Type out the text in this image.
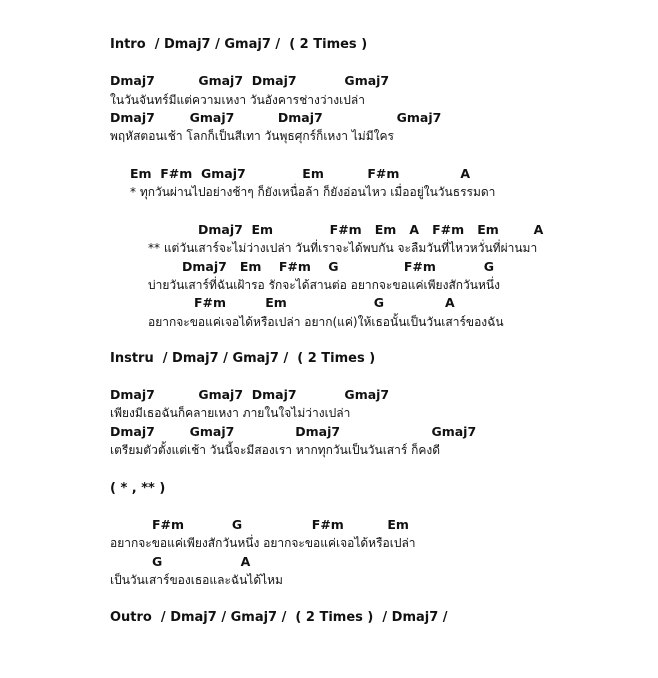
Intro  / Dmaj7 / Gmaj7 /  ( 2 Times )
Dmaj7          Gmaj7  Dmaj7           Gmaj7
ในวันจันทร์มีแต่ความเหงา วันอังคารช่างว่างเปล่า
Dmaj7        Gmaj7          Dmaj7                 Gmaj7
พฤหัสตอนเช้า โลกก็เป็นสีเทา วันพุธศุกร์ก็เหงา ไม่มีใคร
Em  F#m  Gmaj7             Em          F#m              A
* ทุกวันผ่านไปอย่างช้าๆ ก็ยังเหนื่อล้า ก็ยังอ่อนไหว เมื่ออยู่ในวันธรรมดา
Dmaj7  Em             F#m   Em   A   F#m   Em        A
** แต่วันเสาร์จะไม่ว่างเปล่า วันที่เราจะได้พบกัน จะลืมวันที่ไหวหวั่นที่ผ่านมา
Dmaj7   Em    F#m    G               F#m           G
บ่ายวันเสาร์ที่ฉันเฝ้ารอ รักจะได้สานต่อ อยากจะขอแค่เพียงสักวันหนึ่ง
F#m         Em                    G              A
อยากจะขอแค่เจอได้หรือเปล่า อยาก(แค่)ให้เธอนั้นเป็นวันเสาร์ของฉัน
Instru  / Dmaj7 / Gmaj7 /  ( 2 Times )
Dmaj7          Gmaj7  Dmaj7           Gmaj7
เพียงมีเธอฉันก็คลายเหงา ภายในใจไม่ว่างเปล่า
Dmaj7        Gmaj7              Dmaj7                     Gmaj7
เตรียมตัวตั้งแต่เช้า วันนี้จะมีสองเรา หากทุกวันเป็นวันเสาร์ ก็คงดี
( * , ** )
F#m           G                F#m          Em
อยากจะขอแค่เพียงสักวันหนึ่ง อยากจะขอแค่เจอได้หรือเปล่า
G                  A
เป็นวันเสาร์ของเธอและฉันได้ไหม
Outro  / Dmaj7 / Gmaj7 /  ( 2 Times )  / Dmaj7 /
